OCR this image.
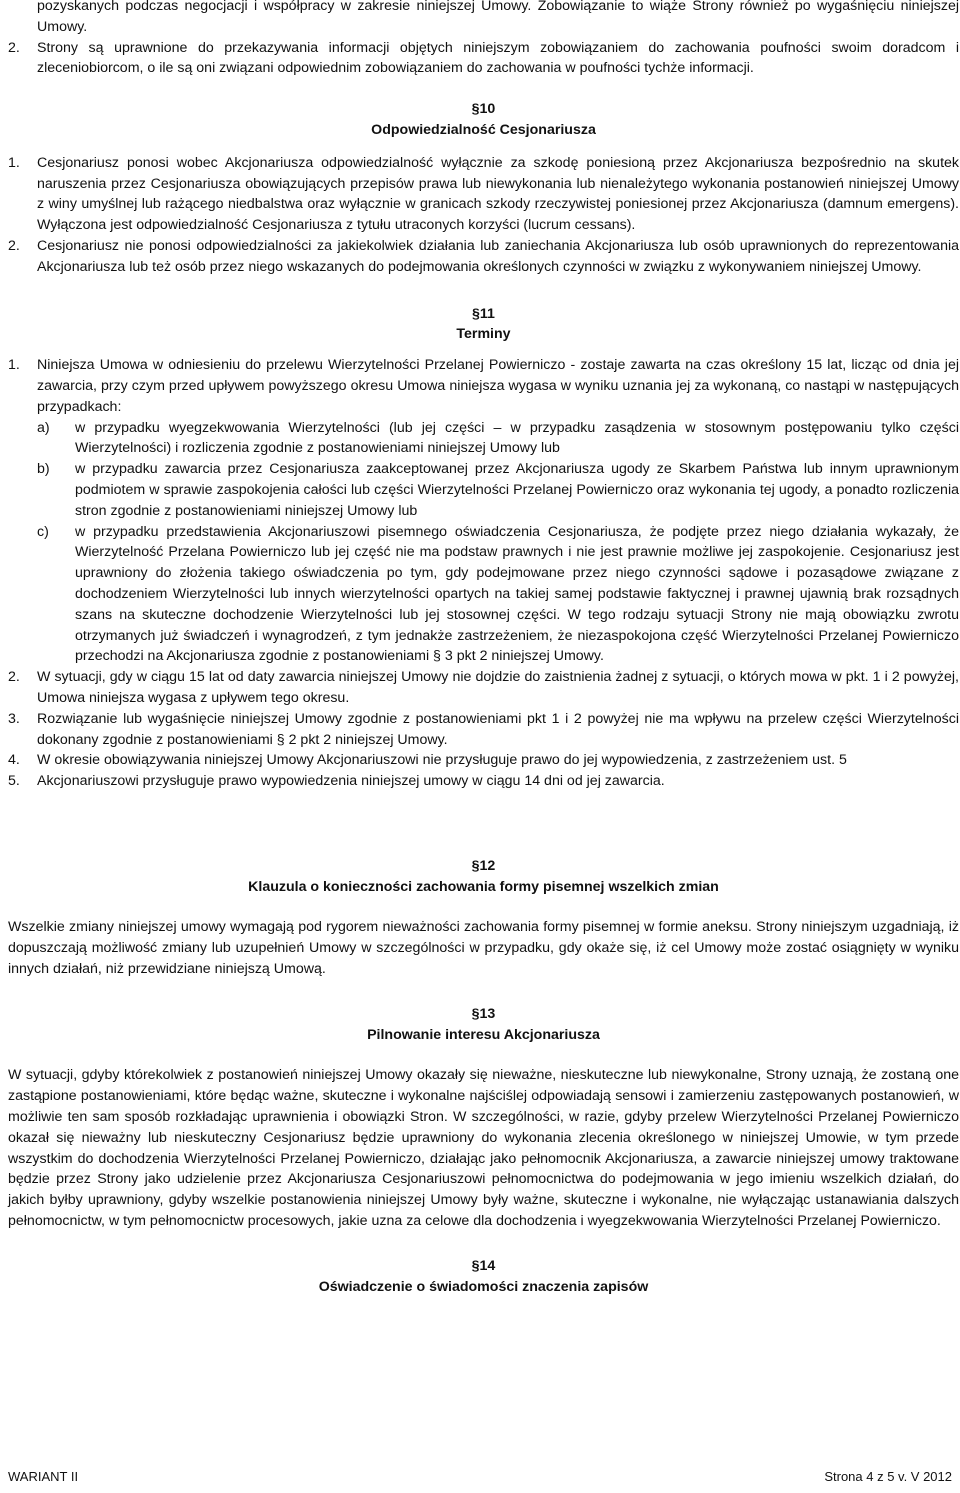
pozyskanych podczas negocjacji i współpracy w zakresie niniejszej Umowy. Zobowiązanie to wiąże Strony również po wygaśnięciu niniejszej Umowy.

2.	Strony są uprawnione do przekazywania informacji objętych niniejszym zobowiązaniem do zachowania poufności swoim doradcom i zleceniobiorcom, o ile są oni związani odpowiednim zobowiązaniem do zachowania w poufności tychże informacji.
§10
Odpowiedzialność Cesjonariusza
1.	Cesjonariusz ponosi wobec Akcjonariusza odpowiedzialność wyłącznie za szkodę poniesioną przez Akcjonariusza bezpośrednio na skutek naruszenia przez Cesjonariusza obowiązujących przepisów prawa lub niewykonania lub nienależytego wykonania postanowień niniejszej Umowy z winy umyślnej lub rażącego niedbalstwa oraz wyłącznie w granicach szkody rzeczywistej poniesionej przez Akcjonariusza (damnum emergens). Wyłączona jest odpowiedzialność Cesjonariusza z tytułu utraconych korzyści (lucrum cessans).
2.	Cesjonariusz nie ponosi odpowiedzialności za jakiekolwiek działania lub zaniechania Akcjonariusza lub osób uprawnionych do reprezentowania Akcjonariusza lub też osób przez niego wskazanych do podejmowania określonych czynności w związku z wykonywaniem niniejszej Umowy.
§11
Terminy
1.	Niniejsza Umowa w odniesieniu do przelewu Wierzytelności Przelanej Powierniczo - zostaje zawarta na czas określony 15 lat, licząc od dnia jej zawarcia, przy czym przed upływem powyższego okresu Umowa niniejsza wygasa w wyniku uznania jej za wykonaną, co nastąpi w następujących przypadkach:
a)	w przypadku wyegzekwowania Wierzytelności (lub jej części – w przypadku zasądzenia w stosownym postępowaniu tylko części Wierzytelności) i rozliczenia zgodnie z postanowieniami niniejszej Umowy lub
b)	w przypadku zawarcia przez Cesjonariusza zaakceptowanej przez Akcjonariusza ugody ze Skarbem Państwa lub innym uprawnionym podmiotem w sprawie zaspokojenia całości lub części Wierzytelności Przelanej Powierniczo oraz wykonania tej ugody, a ponadto rozliczenia stron zgodnie z postanowieniami niniejszej Umowy lub
c)	w przypadku przedstawienia Akcjonariuszowi pisemnego oświadczenia Cesjonariusza, że podjęte przez niego działania wykazały, że Wierzytelność Przelana Powierniczo lub jej część nie ma podstaw prawnych i nie jest prawnie możliwe jej zaspokojenie. Cesjonariusz jest uprawniony do złożenia takiego oświadczenia po tym, gdy podejmowane przez niego czynności sądowe i pozasądowe związane z dochodzeniem Wierzytelności lub innych wierzytelności opartych na takiej samej podstawie faktycznej i prawnej ujawnią brak rozsądnych szans na skuteczne dochodzenie Wierzytelności lub jej stosownej części. W tego rodzaju sytuacji Strony nie mają obowiązku zwrotu otrzymanych już świadczeń i wynagrodzeń, z tym jednakże zastrzeżeniem, że niezaspokojona część Wierzytelności Przelanej Powierniczo przechodzi na Akcjonariusza zgodnie z postanowieniami § 3 pkt 2 niniejszej Umowy.
2.	W sytuacji, gdy w ciągu 15 lat od daty zawarcia niniejszej Umowy nie dojdzie do zaistnienia żadnej z sytuacji, o których mowa w pkt. 1 i 2 powyżej, Umowa niniejsza wygasa z upływem tego okresu.
3.	Rozwiązanie lub wygaśnięcie niniejszej Umowy zgodnie z postanowieniami pkt 1 i 2 powyżej nie ma wpływu na przelew części Wierzytelności dokonany zgodnie z postanowieniami § 2 pkt 2 niniejszej Umowy.
4.	W okresie obowiązywania niniejszej Umowy Akcjonariuszowi nie przysługuje prawo do jej wypowiedzenia, z zastrzeżeniem ust. 5
5.	Akcjonariuszowi przysługuje prawo wypowiedzenia niniejszej umowy w ciągu 14 dni od jej zawarcia.
§12
Klauzula o konieczności zachowania formy pisemnej wszelkich zmian

Wszelkie zmiany niniejszej umowy wymagają pod rygorem nieważności zachowania formy pisemnej w formie aneksu. Strony niniejszym uzgadniają, iż dopuszczają możliwość zmiany lub uzupełnień Umowy w szczególności w przypadku, gdy okaże się, iż cel Umowy może zostać osiągnięty w wyniku innych działań, niż przewidziane niniejszą Umową.

§13
Pilnowanie interesu Akcjonariusza

W sytuacji, gdyby którekolwiek z postanowień niniejszej Umowy okazały się nieważne, nieskuteczne lub niewykonalne, Strony uznają, że zostaną one zastąpione postanowieniami, które będąc ważne, skuteczne i wykonalne najściślej odpowiadają sensowi i zamierzeniu zastępowanych postanowień, w możliwie ten sam sposób rozkładając uprawnienia i obowiązki Stron. W szczególności, w razie, gdyby przelew Wierzytelności Przelanej Powierniczo okazał się nieważny lub nieskuteczny Cesjonariusz będzie uprawniony do wykonania zlecenia określonego w niniejszej Umowie, w tym przede wszystkim do dochodzenia Wierzytelności Przelanej Powierniczo, działając jako pełnomocnik Akcjonariusza, a zawarcie niniejszej umowy traktowane będzie przez Strony jako udzielenie przez Akcjonariusza Cesjonariuszowi pełnomocnictwa do podejmowania w jego imieniu wszelkich działań, do jakich byłby uprawniony, gdyby wszelkie postanowienia niniejszej Umowy były ważne, skuteczne i wykonalne, nie wyłączając ustanawiania dalszych pełnomocnictw, w tym pełnomocnictw procesowych, jakie uzna za celowe dla dochodzenia i wyegzekwowania Wierzytelności Przelanej Powierniczo.

§14
Oświadczenie o świadomości znaczenia zapisów
WARIANT II	Strona 4 z 5 v. V 2012
